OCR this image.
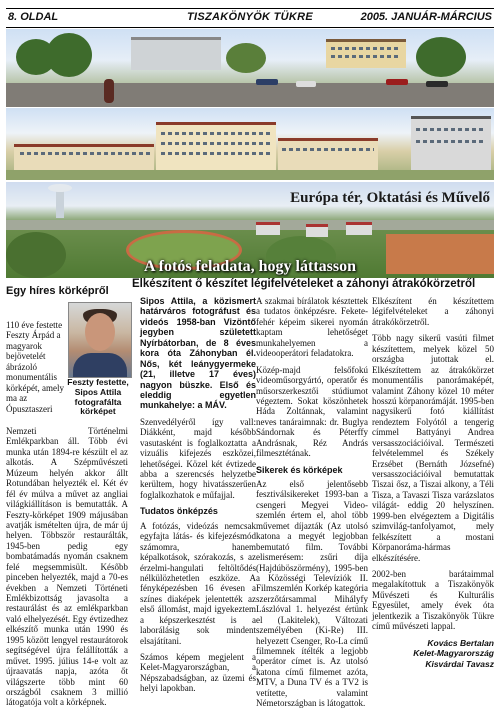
8. OLDAL	TISZAKÖNYÖK TÜKRE	2005. JANUÁR-MÁRCIUS
Európa tér, Oktatási és Művelő
A fotós feladata, hogy láttasson
Egy híres körképről
Elkészítent ő készítet légifelvételeket a záhonyi átrakókörzetről
110 éve festette Feszty Árpád a magyarok bejövetelét ábrázoló monumentális körképét, amely ma az Ópusztaszeri
Feszty festette, Sipos Attila fotografálta körképet

Nemzeti Történelmi Emlékparkban áll. Több évi munka után 1894-re készült el az alkotás. A Szépművészeti Múzeum helyén akkor állt Rotundában helyezték el. Két év fél év múlva a művet az angliai világkiállításon is bemutatták. A Feszty-körképet 1909 májusában avatják ismételten újra, de már új helyen. Többször restaurálták, 1945-ben pedig egy bombatámadás nyomán csaknem felé megsemmisült. Később pinceben helyezték, majd a 70-es években a Nemzeti Történeti Emlékbizottság javasolta a restaurálást és az emlékparkban való elhelyezését. Egy évtizedhez elkészítő munka után 1990 és 1995 között lengyel restaurátorok segítségével újra felállították a művet. 1995. július 14-e volt az újraavatás napja, azóta őt világszerte több mint 60 országból csaknem 3 millió látogatója volt a körképnek.

Sipos Attila, a közismert határváros fotográfust és videós 1958-ban Vizöntő jegyben született Nyírbátorban, de 8 éves kora óta Záhonyban él. Nős, két leánygyermeke (21, illetve 17 éves) nagyon büszke. Első és eleddig egyetlen munkahelye: a MÁV.

Szenvedélyéről így vall: Diákként, majd később vasutasként is foglalkoztatta a vizuális kifejezés eszközei, lehetőségei. Közel két évtizede abba a szerencsés helyzetbe kerültem, hogy hivatásszerűen foglalkozhatok e műfajjal.

Tudatos önképzés

A fotózás, videózás nemcsak egyfajta látás- és kifejezésmód számomra, hanem képalkotások, szórakozás, s az érzelmi-hangulati feltöltődés nélkülözhetetlen eszköze. A fényképezésben 16 évesen a színes diaképek jelentették az első állomást, majd igyekeztem a képszerkesztést is a laborálásig sok mindent elsajátítani.

Számos képem megjelent a Kelet-Magyarországban, a Népszabadságban, az üzemi és helyi lapokban.

A szakmai bírálatok késztettek a tudatos önképzésre. Fekete-fehér képeim sikerei nyomán kaptam lehetőséget munkahelyemen a videooperátori feladatokra.

Közép-majd felsőfokú videoműsorgyártó, operatőr és műsorszerkesztői stúdiumot végeztem. Sokat köszönhetek Háda Zoltánnak, valamint neves tanáraimnak: dr. Buglya Sándornak és Péterffy Andrásnak, Réz András filmesztétának.

Sikerek és körképek

Az első jelentősebb fesztiválsikereket 1993-ban a csengeri Megyei Video-szemlén értem el, ahol több művemet díjazták (Az utolsó katona a megyét legjobban bemutató film. További elismerésem: zsűri díja (Hajdúböszörmény), 1995-ben a Közösségi Televíziók II. Filmszemlén Korkép kategória szerzőtársammal Mihályfy Lászlóval 1. helyezést értünk el (Lakitelek), Változati személyében (Ki-Re) III. helyezett Csenger, Ro-La című filmemnek ítélték a legjobb operátor címet is. Az utolsó katona című filmemet azóta, MTV, a Duna TV és a TV2 is vetítette, valamint Németországban is látogattok.

Elkészítent én készítettem légifelvételeket a záhonyi átrakókörzetről.

Több nagy sikerű vasúti filmet készítettem, melyek közel 50 országba jutottak el. Elkészítettem az átrakókörzet monumentális panorámaképét, valamint Záhony közel 10 méter hosszú körpanorámáját. 1995-ben nagysikerű fotó kiállítást rendeztem Folyótól a tengerig címmel Battyányi Andrea versasszociációival. Természeti felvételemmel és Székely Erzsébet (Bernáth Józsefné) versasszociációival bemutattak Tiszai ősz, a Tiszai alkony, a Téli Tisza, a Tavaszi Tisza varázslatos világát- eddig 20 helyszínen. 1999-ben elvégeztem a Digitális szimvilág-tanfolyamot, mely felkészített a mostani Körpanoráma-hármas elkészítésére.

2002-ben barátaimmal megalakítottuk a Tiszakönyök Művészeti és Kulturális Egyesület, amely évek óta jelentkezik a Tiszakönyök Tükre című művészeti lappal.

Kovács Bertalan
Kelet-Magyarország
Kisvárdai Tavasz
